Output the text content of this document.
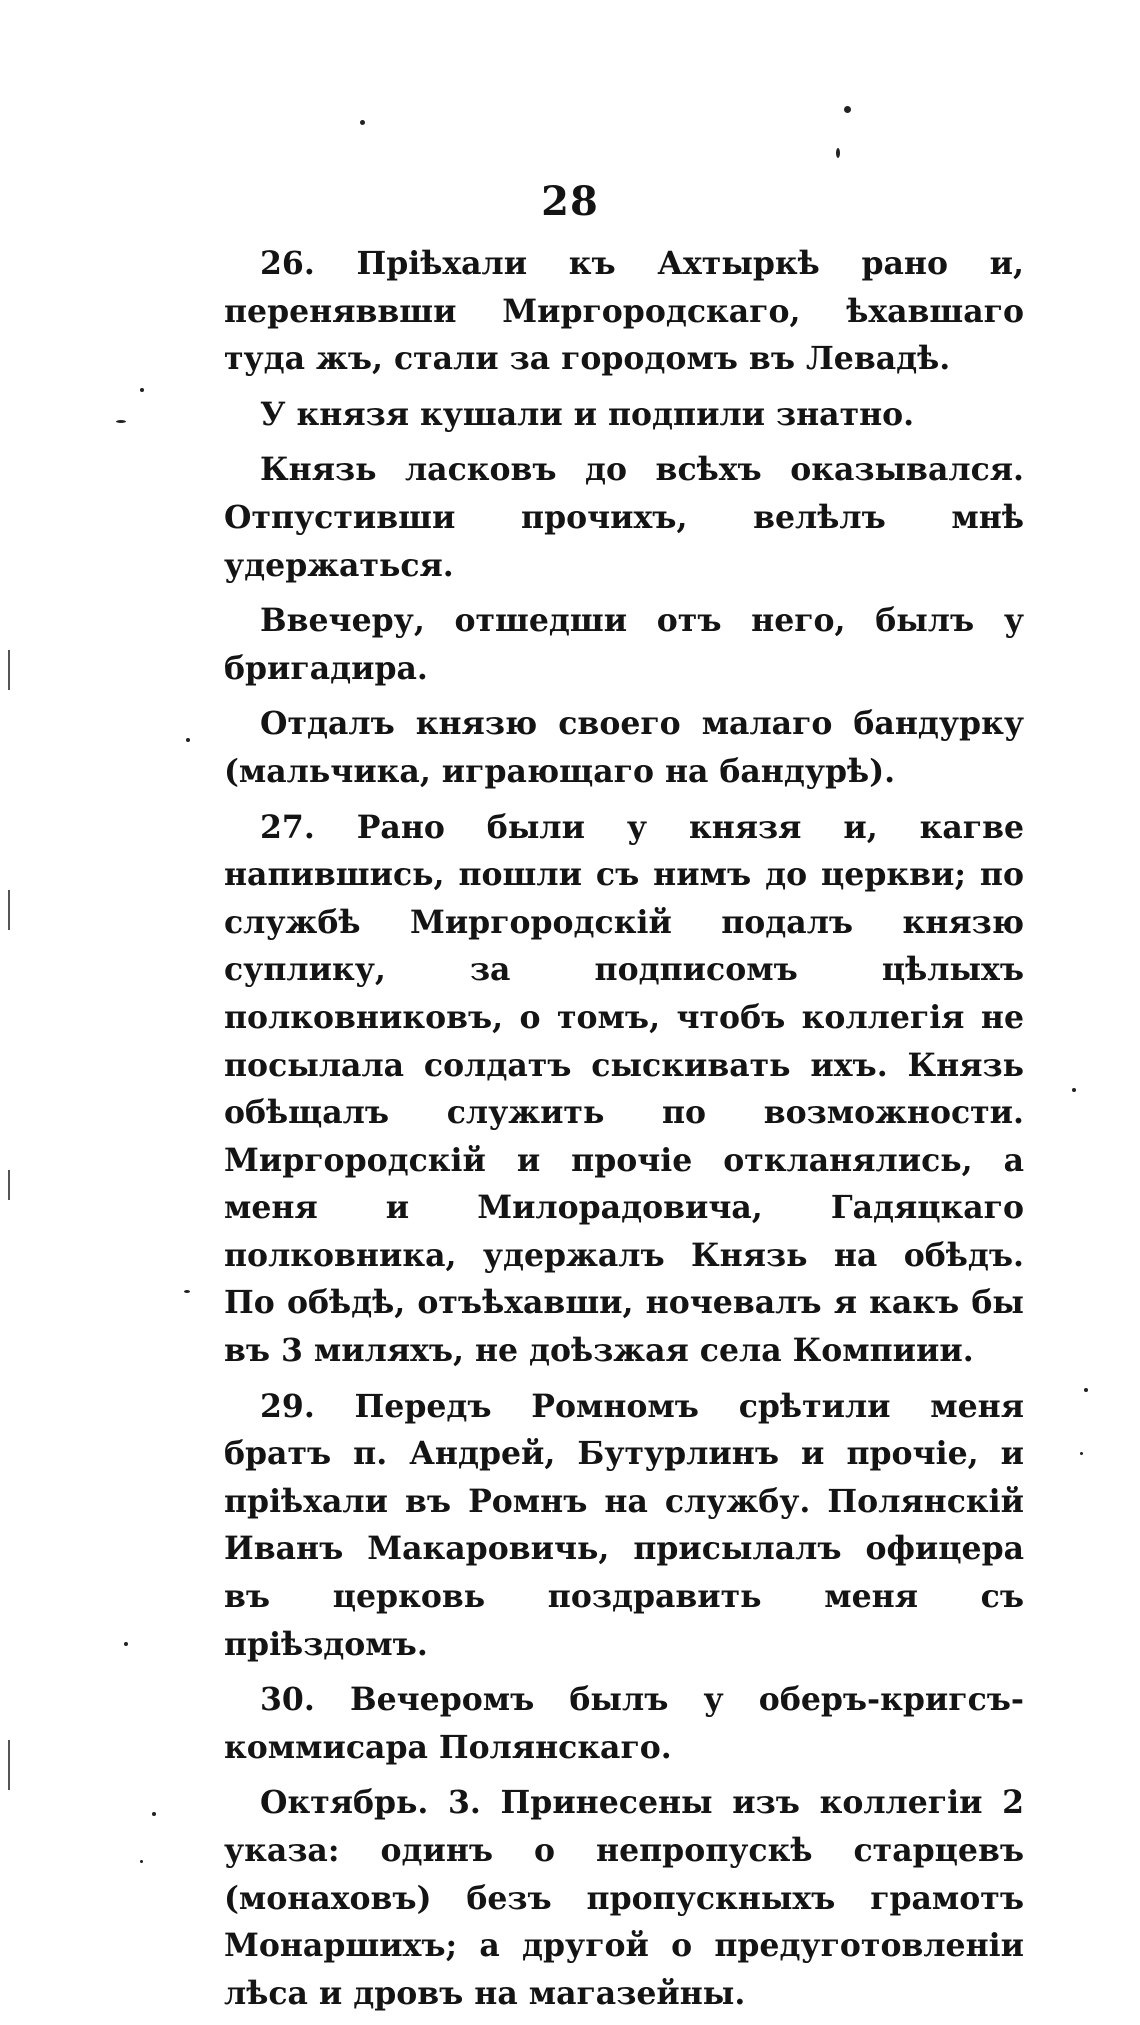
28

26. Пріѣхали къ Ахтыркѣ рано и, переняввши Миргородскаго, ѣхавшаго туда жъ, стали за городомъ въ Левадѣ.

У князя кушали и подпили знатно.

Князь ласковъ до всѣхъ оказывался. Отпустивши прочихъ, велѣлъ мнѣ удержаться.

Ввечеру, отшедши отъ него, былъ у бригадира.

Отдалъ князю своего малаго бандурку (мальчика, играющаго на бандурѣ).

27. Рано были у князя и, кагве напившись, пошли съ нимъ до церкви; по службѣ Миргородскій подалъ князю суплику, за подписомъ цѣлыхъ полковниковъ, о томъ, чтобъ коллегія не посылала солдатъ сыскивать ихъ. Князь обѣщалъ служить по возможности. Миргородскій и прочіе откланялись, а меня и Милорадовича, Гадяцкаго полковника, удержалъ Князь на обѣдъ. По обѣдѣ, отъѣхавши, ночевалъ я какъ бы въ 3 миляхъ, не доѣзжая села Компиии.

29. Передъ Ромномъ срѣтили меня братъ п. Андрей, Бутурлинъ и прочіе, и пріѣхали въ Ромнъ на службу. Полянскій Иванъ Макаровичь, присылалъ офицера въ церковь поздравить меня съ пріѣздомъ.

30. Вечеромъ былъ у оберъ-кригсъ-коммисара Полянскаго.

Октябрь. 3. Принесены изъ коллегіи 2 указа: одинъ о непропускѣ старцевъ (монаховъ) безъ пропускныхъ грамотъ Монаршихъ; а другой о предуготовленіи лѣса и дровъ на магазейны.
